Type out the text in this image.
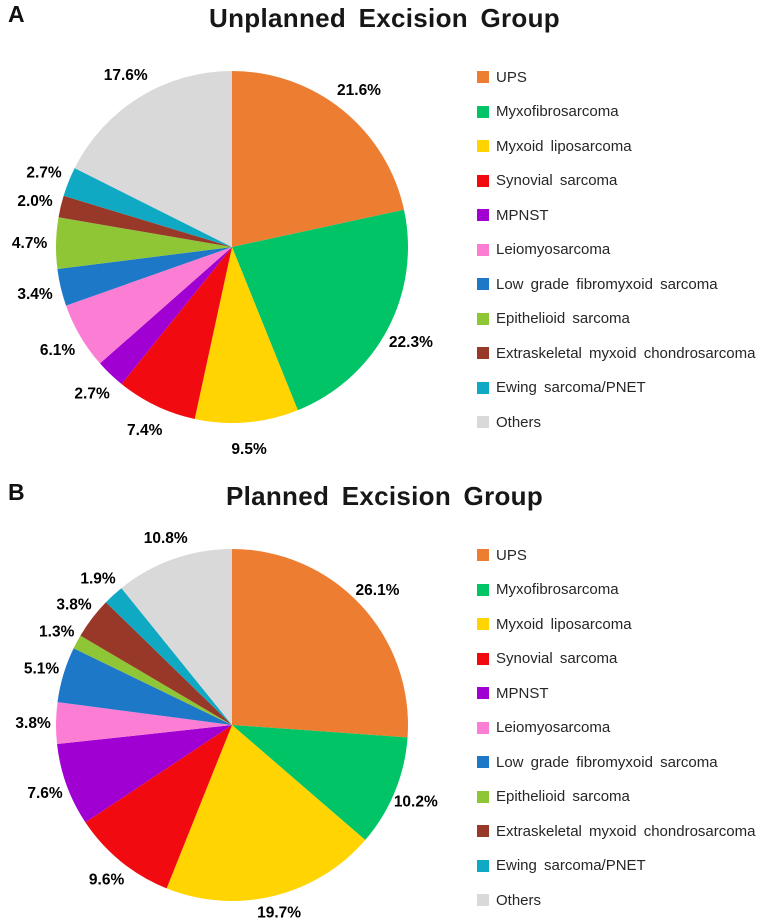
A	Unplanned Excision Group
21.6%
22.3%
9.5%
7.4%
2.7%
6.1%
3.4%
4.7%
2.0%
2.7%
17.6%	UPS
Myxofibrosarcoma
Myxoid liposarcoma
Synovial sarcoma
MPNST
Leiomyosarcoma
Low grade fibromyxoid sarcoma
Epithelioid sarcoma
Extraskeletal myxoid chondrosarcoma
Ewing sarcoma/PNET
Others
B	Planned Excision Group
26.1%
10.2%
19.7%
9.6%
7.6%
3.8%
5.1%
1.3%
3.8%
1.9%
10.8%
UPS
Myxofibrosarcoma
Myxoid liposarcoma
Synovial sarcoma
MPNST
Leiomyosarcoma
Low grade fibromyxoid sarcoma
Epithelioid sarcoma
Extraskeletal myxoid chondrosarcoma
Ewing sarcoma/PNET
Others
